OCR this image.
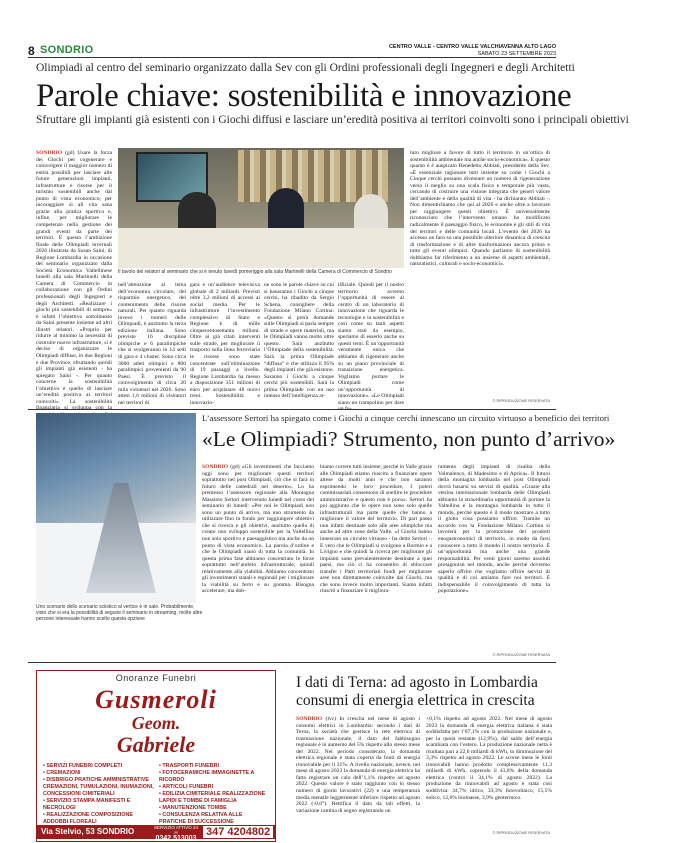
8 SONDRIO	CENTRO VALLE - CENTRO VALLE VALCHIAVENNA ALTO LAGO
SABATO 23 SETTEMBRE 2023
Olimpiadi al centro del seminario organizzato dalla Sev con gli Ordini professionali degli Ingegneri e degli Architetti
Parole chiave: sostenibilità e innovazione
Sfruttare gli impianti già esistenti con i Giochi diffusi e lasciare un’eredità positiva ai territori coinvolti sono i principali obiettivi
SONDRIO (gd) Usare la forza dei Giochi per cogenerare e coinvolgere il maggior numero di entità possibili per lasciare alle future generazioni impianti, infrastrutture e risorse per il turismo sostenibili anche dal punto di vista economico; per incoraggiare sì all vita sana grazie alla pratica sportiva e, infine, per migliorare le competenze nella gestione dei grandi eventi da parte dei territori. È questa l’ambizione finale delle Olimpiadi invernali 2026 illustrata da Susan Saini, di Regione Lombardia in occasione del seminario organizzato dalla Società Economica Valtellinese lunedì alla sala Martinelli della Camera di Commercio in collaborazione con gli Ordini professionali degli Ingegneri e degli Architetti. «Realizzare i giochi più sostenibili di sempre» è infatti l’obiettivo sottolineato da Saini presente insieme ad altri illustri relatori. «Proprio per ridurre al minimo la necessità di costruire nuove infrastrutture, si è deciso di organizzare le Olimpiadi diffuse, in due Regioni e due Province, sfruttando quindi gli impianti già esistenti - ha spiegato Saini -. Per quanto concerne la sostenibilità l’obiettivo è quello di lasciare un’eredità positiva ai territori coinvolti». La sostenibilità
Il tavolo dei relatori al seminario che si è tenuto lunedì pomeriggio alla sala Martinelli della Camera di Commercio di Sondrio
nell’attenzione al tema dell’economia circolare, del risparmio energetico, del contenimento delle risorse naturali. Per quanto riguarda invece i numeri delle Olimpiadi, è anzitutto la terza edizione italiana. Sono previste 16 discipline olimpiche e 6 paralimpiche che si svolgeranno in 14 sedi di gara e 4 cluster. Sono circa 3000 atleti olimpici e 800 paralimpici provenienti da 90 Paesi. È previsto il coinvolgimento di circa 20 mila volontari nel 2026. Sono attesi 1,6 milioni di visitatori nei territori di
gara e un’audience televisiva globale di 2 miliardi. Previsti oltre 3,2 milioni di accessi ai social media. Per le infrastrutture l’investimento complessivo di Stato e Regione è di mille cinquecentosettanta milioni. Oltre ai già citati interventi sulle strade, per migliorare il trasporto sulla linea ferroviaria le risorse sono state concentrate sull’eliminazione di 19 passaggi a livello. Regione Lombardia ha messo a disposizione 351 milioni di euro per acquistare 48 nuovi treni. Sostenibilità e innovazio-
ne sono le parole chiave su cui si basaranno i Giochi a cinque cerchi, ha ribadito da Sergio Schena, consigliere della Fondazione Milano Cortina: «Questo si potrà domande sulle Olimpiadi si parla sempre di strade e opere materiali, ma le Olimpiadi vanno molto oltre questo. Sarà anzitutto l’Olimpiade della sostenibilità. Sarà la prima Olimpiade “diffusa” e che utilizza il 95% degli impianti che già esistono. Saranno i Giochi a cinque cerchi più sostenibili. Sarà la prima Olimpiade con un uso intenso dell’intelligenza ar-
tificiale. Quindi per il nostro territorio avremo l’opportunità di essere al centro di un laboratorio di innovazione che riguarda le tecnologie e la sostenibilità e così come su tanti aspetti siamo stati da esempio, speriamo di esserlo anche su questi temi. È un’opportunità veramente unica che abbiamo di rigenerare anche su un piano provinciale di transizione energetica. Vogliamo portare le Olimpiadi come un’opportunità di innovazione». «Le Olimpiadi siano un trampolino per dare
turo migliore a favore di tutto il territorio in un’ottica di sostenibilità ambientale ma anche socio-economica». E questo quanto è è auspicato Benedetto Abbiati, presidente della Sev. «È essenziale ragionare tutti insieme su come i Giochi a Cinque cerchi possano diventare un numero di rigenerazione verso il meglio su una scala fisica e temporale più vasta, cercando di costruire una visione integrata che generi valore dell’ambiente e della qualità di vita - ha dichiarato Abbiati -. Non dimentichiamo che qui al 2026 e anche oltre a lavorare per raggiungere questi obiettivi. È universalmente riconosciuto che l’intervento umano ha modificato radicalmente il paesaggio fisico, le economie e gli stili di vita dei territori e delle comunità locali. L’evento del 2026 ha accesso un faro su una possibile ulteriore dinamica di crescita di trasformazione e di altre trasformazioni ancora prima e tutto gli eventi olimpici. Quando parliamo di sostenibilità dobbiamo far riferimento a un insieme di aspetti ambientali, naturalistici, culturali e socio-economici».
© RIPRODUZIONE RISERVATA
L’assessore Sertori ha spiegato come i Giochi a cinque cerchi innescano un circuito virtuoso a beneficio dei territori
«Le Olimpiadi? Strumento, non punto d’arrivo»
SONDRIO (gd) «Gli investimenti che facciamo oggi sono per migliorare questi territori soprattutto nel post Olimpiadi, ciò che si farà in futuro delle cattedrali nel deserto». Lo ha premesso l’assessore regionale alla Montagna Massimo Sertori intervenuto lunedì nel corso del seminario di lunedì: «Per noi le Olimpiadi non sono un punto di arrivo, ma uno strumento da utilizzare fino in fondo per raggiungere obiettivi che si ricerca e gli obiettivi, anzitutto quello di creare uno sviluppo sostenibile per la Valtellina non solo sportivo e paesaggistico ma anche da un punto di vista economico. La parola d’ordine e che le Olimpiadi siano di tutta la comunità. In questa prima fase abbiamo concentrato le forze soprattutto nell’ambito infrastrutturale, quindi relativamente alla viabilità. Abbiamo concentrato gli investimenti statali e regionali per i migliorare la viabilità su ferro e su gomma. Bisogna accelerare, ma dob-
biamo correre tutti insieme, perché in Valle grazie alle Olimpiadi stiamo riuscito a finanziare opere attese da molti anni e che non saranno esprimendo le loro procedure, I poteri commissariali consentono di snellire le procedure amministrative e questo non è poco». Sertori ha poi aggiunto che le opere non sono solo quelle infrastrutturali ma parte quelle che hanno a migliorare il valore del territorio. Di pari passo non infatti destinate solo alle aree olimpiche ma anche ad altre zone della Valle. «I Giochi hanno innescato un circuito virtuoso - ha detto Sertori -. E vero che le Olimpiadi si svolgono a Bormio e a Livigno e che quindi la ricerca per migliorare gli impianti sono prevalentemente destinate a quei paesi, ma ciò ci ha consentito di sbloccare transfer i Patti territoriali fondi per migliorare aree non direttamente coinvolte dai Giochi, ma che sono invece molto importanti. Siamo infatti riusciti a finanziare il migliora-
ramento degli impianti di risalita della Valmalenco, di Madesimo e di Aprica». Il futuro della montagna lombarda nel post Olimpiadi dovrà basarsi su servizi di qualità. «Grazie alla vetrina internazionale lombarda delle Olimpiadi abbiamo la straordinaria opportunità di portare la Valtellina e la montagna lombarda in tutto il mondo, perché questo è il modo mostrare a tutto il globo cosa possiamo offrire. Tramite un accordo con la Fondazione Milano Cortina si lavorerà per la promozione dei prodotti enogastronomici di territorio, in modo da farsi conoscere a tutto il mondo il nostro territorio. È un’opportunità ma anche una grande responsabilità. Per venti giorni saremo assoluti protagonisti nel mondo, anche perché dovremo saperlo offrire che vogliamo offrire servizi di qualità e di cui amiamo fare noi territori. È indispensabile il coinvolgimento di tutta la popolazione».
Uno scenario dello scenario sciistico al vertice è in sale. Probabilmente, visto che si era la possibilità di seguire il seminario in streaming, molte altre persone interessate hanno scelto questa opzione
© RIPRODUZIONE RISERVATA
Onoranze Funebri
Gusmeroli
Geom.
Gabriele
• SERVIZI FUNEBRI COMPLETI
• CREMAZIONI
• DISBRIGO PRATICHE AMMINISTRATIVE CREMAZIONI, TUMULAZIONI, INUMAZIONI, CONCESSIONI CIMITERIALI
• SERVIZIO STAMPA MANIFESTI E NECROLOGI
• REALIZZAZIONE COMPOSIZIONE ADDOBBI FLOREALI
• TRASPORTI FUNEBRI
• FOTOCERAMICHE IMMAGINETTE A RICORDO
• ARTICOLI FUNEBRI
• EDILIZIA CIMITERIALE REALIZZAZIONE LAPIDI E TOMBE DI FAMIGLIA
• MANUTENZIONE TOMBE
• CONSULENZA RELATIVA ALLE PRATICHE DI SUCCESSIONE
Via Stelvio, 53 SONDRIO	SERVIZIO ATTIVO 24 H
0342 513003
347 4204802
I dati di Terna: ad agosto in Lombardia consumi di energia elettrica in crescita
SONDRIO (lvc) In crescita nel mese di agosto i consumi elettrici in Lombardia: secondo i dati di Terna, la società che gestisce la rete elettrica di trasmissione nazionale, il dato del fabbisogno regionale è in aumento del 5% rispetto allo stesso mese del 2022. Nel periodo considerato, la domanda elettrica regionale è stata coperta da fonti di energia rinnovabile per il 31%. A livello nazionale, invece, nel mese di agosto 2023 la domanda di energia elettrica ha fatto registrare un calo dell’1,1% rispetto ad agosto 2022. Questo valore è stato raggiunto con lo stesso numero di giorni lavorativi (22) e una temperatura media mensile leggermente inferiore rispetto ad agosto 2022 (-0,6°). Rettifica il dato da tali effetti, la variazione cambia di segno registrando un
+0,1% rispetto ad agosto 2022. Nel mese di agosto 2023 la domanda di energia elettrica italiana è stata soddisfatta per l’87,1% con la produzione nazionale e, per la quota restante (12,9%), dal saldo dell’energia scambiata con l’estero. La produzione nazionale netta è risultata pari a 22,6 miliardi di kWh, in diminuzione del 3,3% rispetto ad agosto 2022. Le scorse mese le fonti rinnovabili hanno prodotto complessivamente 11,3 miliardi di kWh, coprendo il 43,8% della domanda elettrica (contro il 34,1% di agosto 2022). La produzione da rinnovabili ad agosto è stata così suddivisa: 34,7% idrico, 33,3% fotovoltaico, 15,5% eolico, 12,6% biomasse, 3,9% geotermico.
© RIPRODUZIONE RISERVATA
